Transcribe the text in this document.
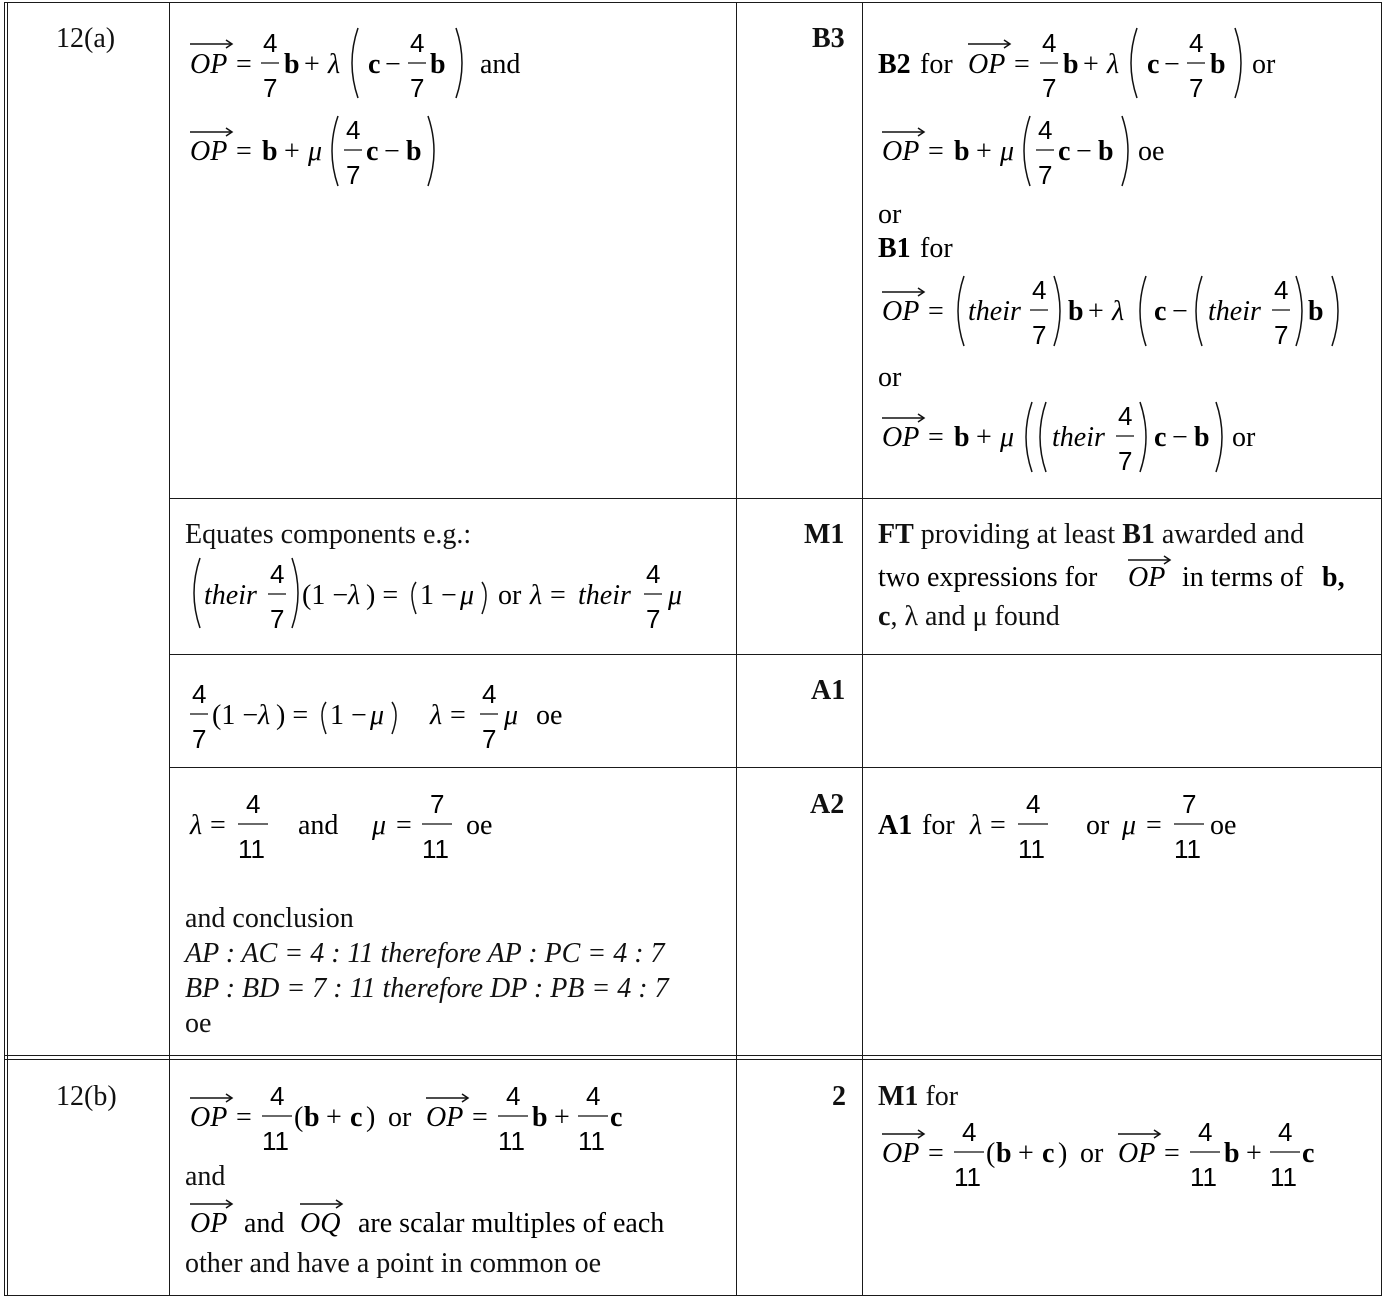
12(a)
12(b)
B3
M1
A1
A2
2
OP =
4
7
b + λ c −
4
7
b and
OP = b + μ
4
7
c − b
B2 for OP =
4
7
b + λ c −
4
7
b or
OP = b + μ
4
7
c − b oe
or
B1 for
OP = their
4
7
b + λ c − their
4
7
b
or
OP = b + μ their
4
7
c − b or
Equates components e.g.:
their
4
7
(1 − λ ) = 1 − μ or λ = their
4
7
μ
FT providing at least B1 awarded and
two expressions for OP in terms of b,
c, λ and μ found
4
7
(1 − λ ) = 1 − μ λ =
4
7
μ oe
λ =
4
11
and μ =
7
11
oe
and conclusion
AP : AC = 4 : 11 therefore AP : PC = 4 : 7
BP : BD = 7 : 11 therefore DP : PB = 4 : 7
oe
A1 for λ =
4
11
or μ =
7
11
oe
OP =
4
11
( b + c ) or OP =
4
11
b +
4
11
c
and
OP and OQ are scalar multiples of each
other and have a point in common oe
M1 for
OP =
4
11
( b + c ) or OP =
4
11
b +
4
11
c
